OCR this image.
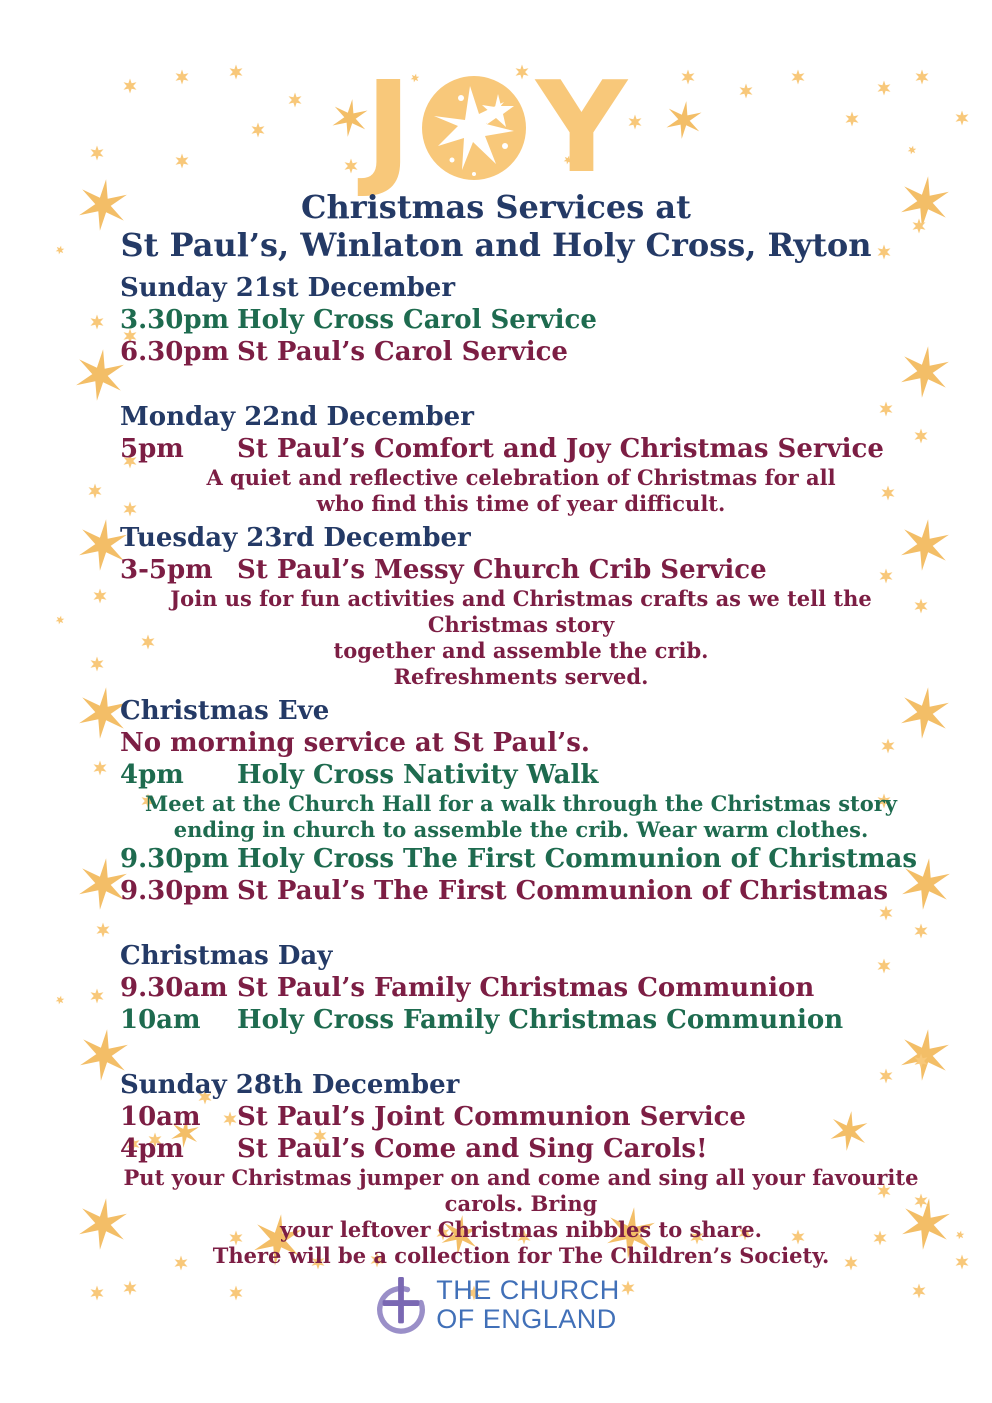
J Y
Christmas Services at
St Paul’s, Winlaton and Holy Cross, Ryton
Sunday 21st December
3.30pm Holy Cross Carol Service
6.30pm St Paul’s Carol Service
Monday 22nd December
5pm St Paul’s Comfort and Joy Christmas Service
A quiet and reflective celebration of Christmas for all
who find this time of year difficult.
Tuesday 23rd December
3-5pm St Paul’s Messy Church Crib Service
Join us for fun activities and Christmas crafts as we tell the Christmas story
together and assemble the crib.
Refreshments served.
Christmas Eve
No morning service at St Paul’s.
4pm Holy Cross Nativity Walk
Meet at the Church Hall for a walk through the Christmas story
ending in church to assemble the crib. Wear warm clothes.
9.30pm Holy Cross The First Communion of Christmas
9.30pm St Paul’s The First Communion of Christmas
Christmas Day
9.30am St Paul’s Family Christmas Communion
10am Holy Cross Family Christmas Communion
Sunday 28th December
10am St Paul’s Joint Communion Service
4pm St Paul’s Come and Sing Carols!
Put your Christmas jumper on and come and sing all your favourite carols. Bring
your leftover Christmas nibbles to share.
There will be a collection for The Children’s Society.
THE CHURCH
OF ENGLAND
